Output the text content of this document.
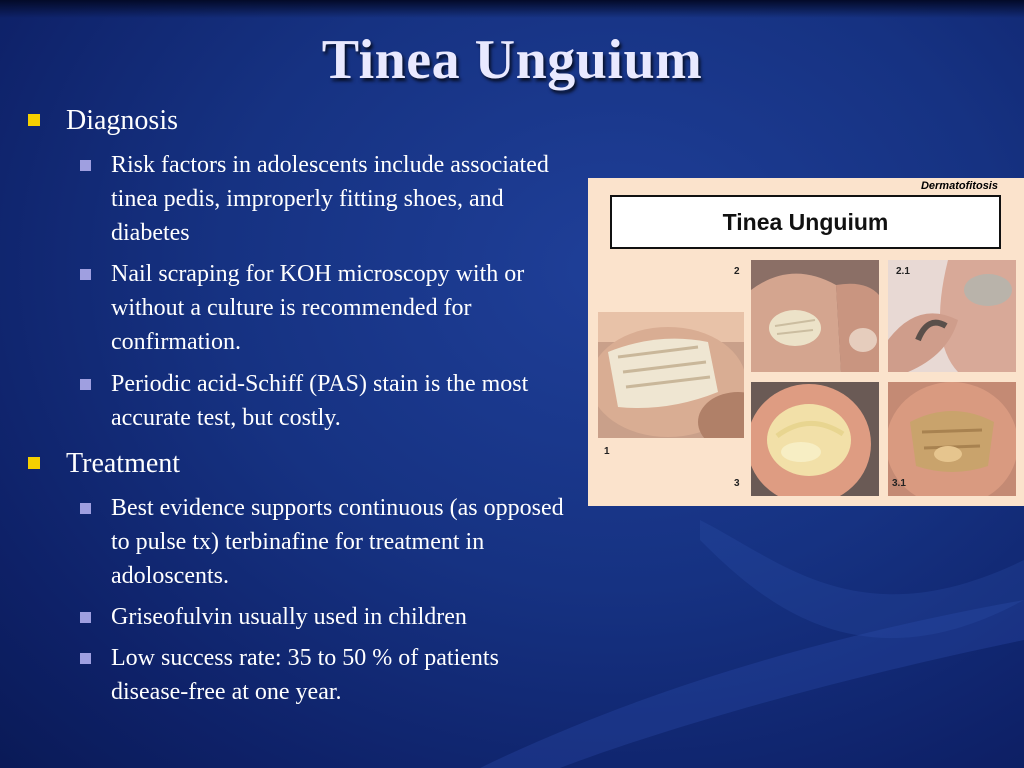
Tinea Unguium
Diagnosis
Risk factors in adolescents include associated tinea pedis, improperly fitting shoes, and diabetes
Nail scraping for KOH microscopy with or without a culture is recommended for confirmation.
Periodic acid-Schiff (PAS) stain is the most accurate test, but costly.
Treatment
Best evidence supports continuous (as opposed to pulse tx) terbinafine for treatment in adoloscents.
Griseofulvin usually used in children
Low success rate: 35 to 50 % of patients disease-free at one year.
Dermatofitosis
Tinea Unguium
1
2	2.1
3	3.1
